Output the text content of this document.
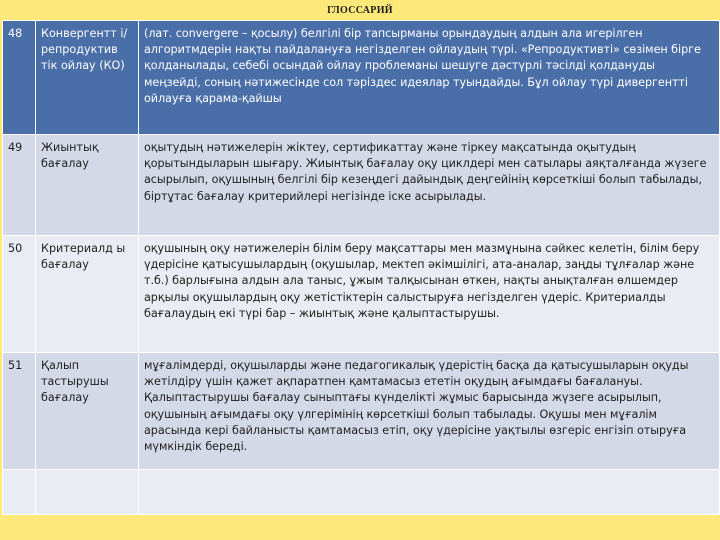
ГЛОССАРИЙ
48	Конвергентт і/ репродуктив тік ойлау (КО)	(лат. convergere – қосылу) белгілі бір тапсырманы орындаудың алдын ала игерілген алгоритмдерін нақты пайдалануға негізделген ойлаудың түрі. «Репродуктивті» сөзімен бірге қолданылады, себебі осындай ойлау проблеманы шешуге дәстүрлі тәсілді қолдануды меңзейді, соның нәтижесінде сол тәріздес идеялар туындайды. Бұл ойлау түрі дивергентті ойлауға қарама-қайшы
49	Жиынтық бағалау	оқытудың нәтижелерін жіктеу, сертификаттау және тіркеу мақсатында оқытудың қорытындыларын шығару. Жиынтық бағалау оқу циклдері мен сатылары аяқталғанда жүзеге асырылып, оқушының белгілі бір кезеңдегі дайындық деңгейінің көрсеткіші болып табылады, біртұтас бағалау критерийлері негізінде іске асырылады.
50	Критериалд ы бағалау	оқушының оқу нәтижелерін білім беру мақсаттары мен мазмұнына сәйкес келетін, білім беру үдерісіне қатысушылардың (оқушылар, мектеп әкімшілігі, ата-аналар, заңды тұлғалар және т.б.) барлығына алдын ала таныс, ұжым талқысынан өткен, нақты анықталған өлшемдер арқылы оқушылардың оқу жетістіктерін салыстыруға негізделген үдеріс. Критериалды бағалаудың екі түрі бар – жиынтық және қалыптастырушы.
51	Қалып тастырушы бағалау	мұғалімдерді, оқушыларды және педагогикалық үдерістің басқа да қатысушыларын оқуды жетілдіру үшін қажет ақпаратпен қамтамасыз ететін оқудың ағымдағы бағалануы. Қалыптастырушы бағалау сыныптағы күнделікті жұмыс барысында жүзеге асырылып, оқушының ағымдағы оқу үлгерімінің көрсеткіші болып табылады. Оқушы мен мұғалім арасында кері байланысты қамтамасыз етіп, оқу үдерісіне уақтылы өзгеріс енгізіп отыруға мүмкіндік береді.
